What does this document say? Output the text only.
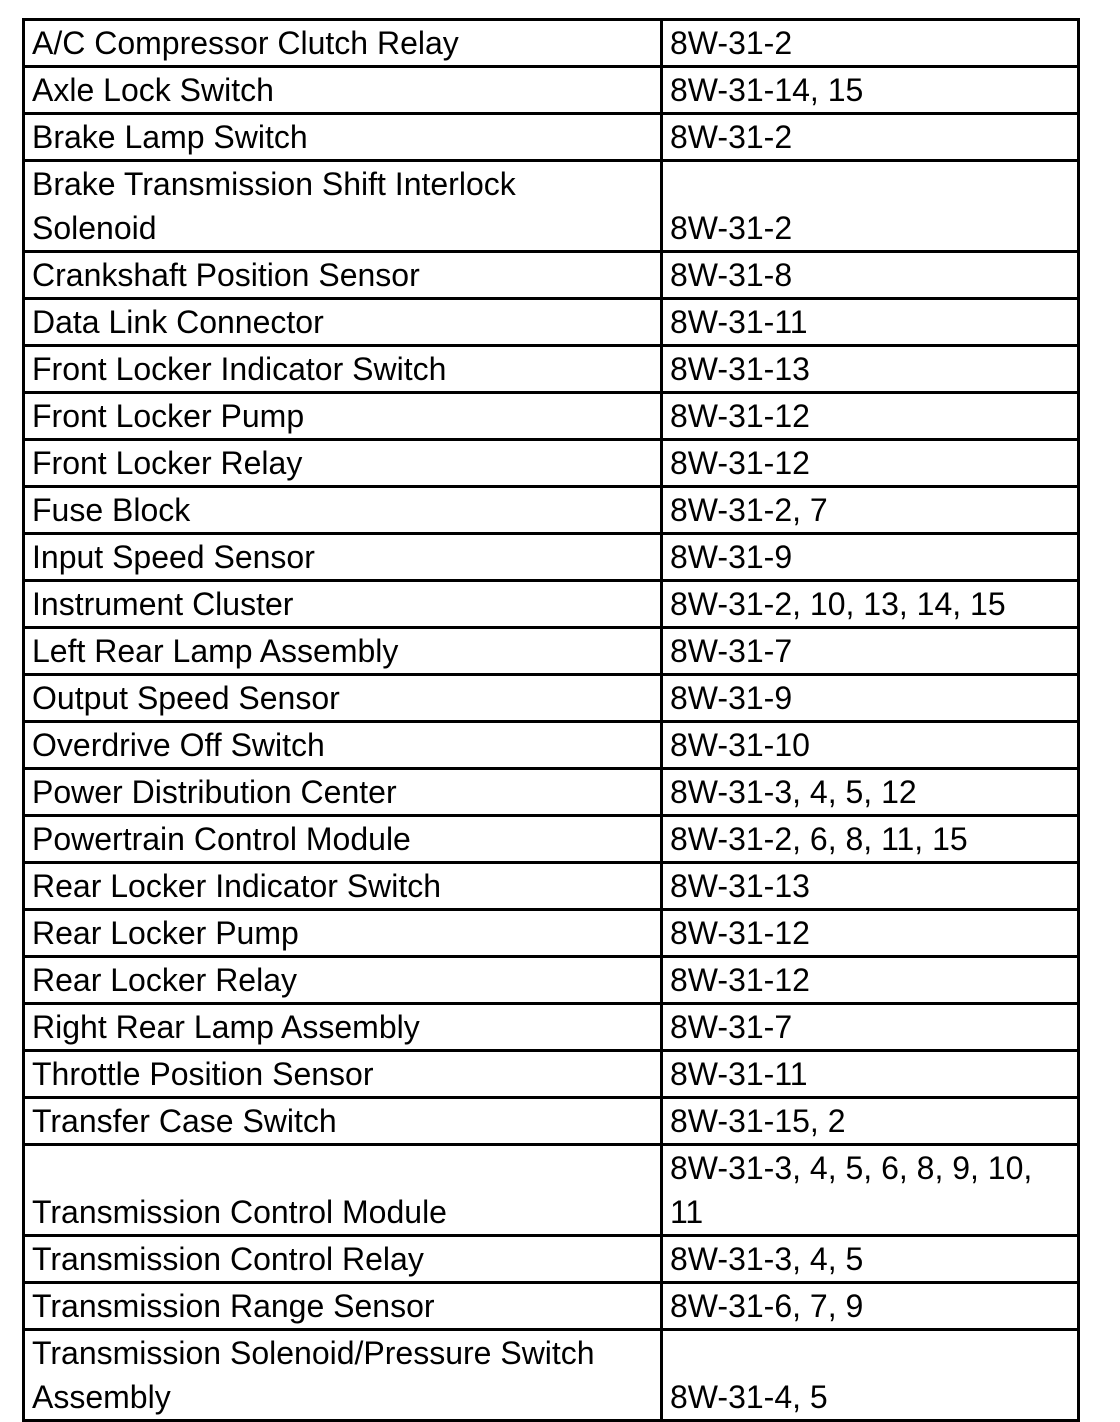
A/C Compressor Clutch Relay	8W-31-2
Axle Lock Switch	8W-31-14, 15
Brake Lamp Switch	8W-31-2
Brake Transmission Shift Interlock Solenoid	8W-31-2
Crankshaft Position Sensor	8W-31-8
Data Link Connector	8W-31-11
Front Locker Indicator Switch	8W-31-13
Front Locker Pump	8W-31-12
Front Locker Relay	8W-31-12
Fuse Block	8W-31-2, 7
Input Speed Sensor	8W-31-9
Instrument Cluster	8W-31-2, 10, 13, 14, 15
Left Rear Lamp Assembly	8W-31-7
Output Speed Sensor	8W-31-9
Overdrive Off Switch	8W-31-10
Power Distribution Center	8W-31-3, 4, 5, 12
Powertrain Control Module	8W-31-2, 6, 8, 11, 15
Rear Locker Indicator Switch	8W-31-13
Rear Locker Pump	8W-31-12
Rear Locker Relay	8W-31-12
Right Rear Lamp Assembly	8W-31-7
Throttle Position Sensor	8W-31-11
Transfer Case Switch	8W-31-15, 2
Transmission Control Module	8W-31-3, 4, 5, 6, 8, 9, 10, 11
Transmission Control Relay	8W-31-3, 4, 5
Transmission Range Sensor	8W-31-6, 7, 9
Transmission Solenoid/Pressure Switch Assembly	8W-31-4, 5
